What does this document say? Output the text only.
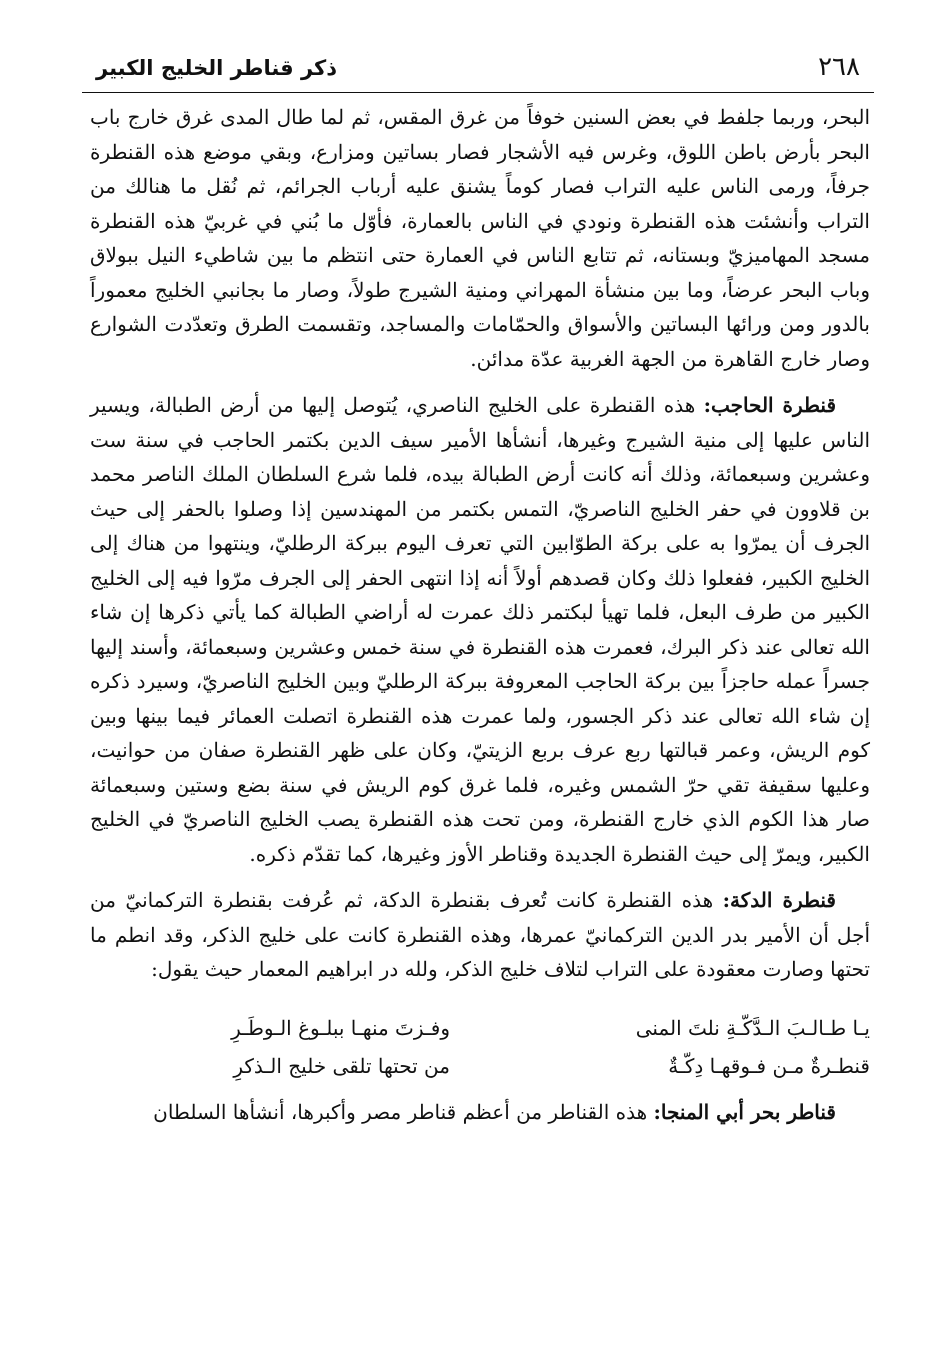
٢٦٨
ذكر قناطر الخليج الكبير

البحر، وربما جلفط في بعض السنين خوفاً من غرق المقس، ثم لما طال المدى غرق خارج باب البحر بأرض باطن اللوق، وغرس فيه الأشجار فصار بساتين ومزارع، وبقي موضع هذه القنطرة جرفاً، ورمى الناس عليه التراب فصار كوماً يشنق عليه أرباب الجرائم، ثم نُقل ما هنالك من التراب وأنشئت هذه القنطرة ونودي في الناس بالعمارة، فأوّل ما بُني في غربيّ هذه القنطرة مسجد المهاميزيّ وبستانه، ثم تتابع الناس في العمارة حتى انتظم ما بين شاطيء النيل ببولاق وباب البحر عرضاً، وما بين منشأة المهراني ومنية الشيرج طولاً، وصار ما بجانبي الخليج معموراً بالدور ومن ورائها البساتين والأسواق والحمّامات والمساجد، وتقسمت الطرق وتعدّدت الشوارع وصار خارج القاهرة من الجهة الغربية عدّة مدائن.

قنطرة الحاجب: هذه القنطرة على الخليج الناصري، يُتوصل إليها من أرض الطبالة، ويسير الناس عليها إلى منية الشيرج وغيرها، أنشأها الأمير سيف الدين بكتمر الحاجب في سنة ست وعشرين وسبعمائة، وذلك أنه كانت أرض الطبالة بيده، فلما شرع السلطان الملك الناصر محمد بن قلاوون في حفر الخليج الناصريّ، التمس بكتمر من المهندسين إذا وصلوا بالحفر إلى حيث الجرف أن يمرّوا به على بركة الطوّابين التي تعرف اليوم ببركة الرطليّ، وينتهوا من هناك إلى الخليج الكبير، ففعلوا ذلك وكان قصدهم أولاً أنه إذا انتهى الحفر إلى الجرف مرّوا فيه إلى الخليج الكبير من طرف البعل، فلما تهيأ لبكتمر ذلك عمرت له أراضي الطبالة كما يأتي ذكرها إن شاء الله تعالى عند ذكر البرك، فعمرت هذه القنطرة في سنة خمس وعشرين وسبعمائة، وأسند إليها جسراً عمله حاجزاً بين بركة الحاجب المعروفة ببركة الرطليّ وبين الخليج الناصريّ، وسيرد ذكره إن شاء الله تعالى عند ذكر الجسور، ولما عمرت هذه القنطرة اتصلت العمائر فيما بينها وبين كوم الريش، وعمر قبالتها ربع عرف بربع الزيتيّ، وكان على ظهر القنطرة صفان من حوانيت، وعليها سقيفة تقي حرّ الشمس وغيره، فلما غرق كوم الريش في سنة بضع وستين وسبعمائة صار هذا الكوم الذي خارج القنطرة، ومن تحت هذه القنطرة يصب الخليج الناصريّ في الخليج الكبير، ويمرّ إلى حيث القنطرة الجديدة وقناطر الأوز وغيرها، كما تقدّم ذكره.

قنطرة الدكة: هذه القنطرة كانت تُعرف بقنطرة الدكة، ثم عُرفت بقنطرة التركمانيّ من أجل أن الأمير بدر الدين التركمانيّ عمرها، وهذه القنطرة كانت على خليج الذكر، وقد انطم ما تحتها وصارت معقودة على التراب لتلاف خليج الذكر، ولله در ابراهيم المعمار حيث يقول:

يـا طـالـبَ الـدَّكّـةِ نلتَ المنى
وفـزتَ منهـا ببلـوغ الـوطَـرِ
قنطـرةٌ مـن فـوقهـا دِكّـةٌ
من تحتها تلقى خليج الـذكرِ

قناطر بحر أبي المنجا: هذه القناطر من أعظم قناطر مصر وأكبرها، أنشأها السلطان
